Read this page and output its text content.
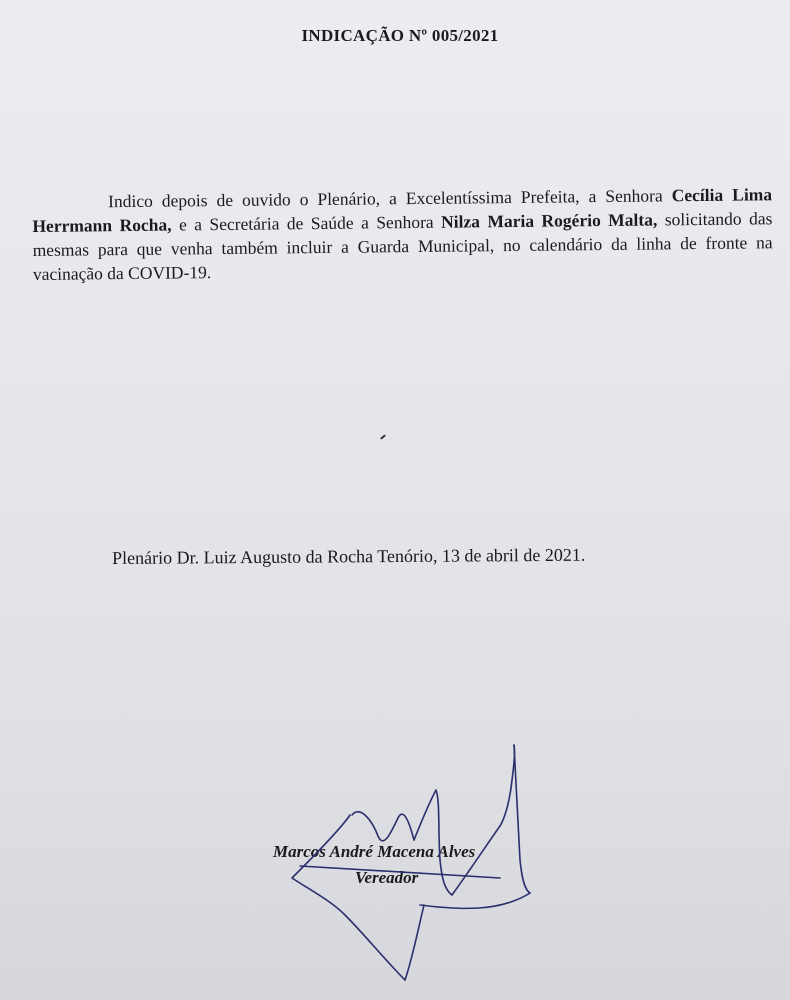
INDICAÇÃO Nº 005/2021

Indico depois de ouvido o Plenário, a Excelentíssima Prefeita, a Senhora Cecília Lima Herrmann Rocha, e a Secretária de Saúde a Senhora Nilza Maria Rogério Malta, solicitando das mesmas para que venha também incluir a Guarda Municipal, no calendário da linha de fronte na vacinação da COVID-19.

Plenário Dr. Luiz Augusto da Rocha Tenório, 13 de abril de 2021.
Marcos André Macena Alves
Vereador
